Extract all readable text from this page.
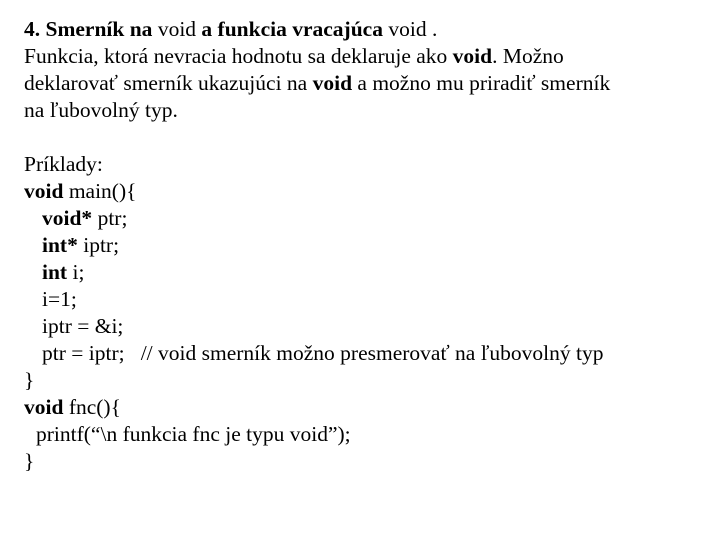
4. Smerník na void a funkcia vracajúca void .
Funkcia, ktorá nevracia hodnotu sa deklaruje ako void. Možno
deklarovať smerník ukazujúci na void a možno mu priradiť smerník
na ľubovolný typ.
Príklady:
void main(){
void* ptr;
int* iptr;
int i;
i=1;
iptr = &i;
ptr = iptr;   // void smerník možno presmerovať na ľubovolný typ
}
void fnc(){
printf(“\n funkcia fnc je typu void”);
}
